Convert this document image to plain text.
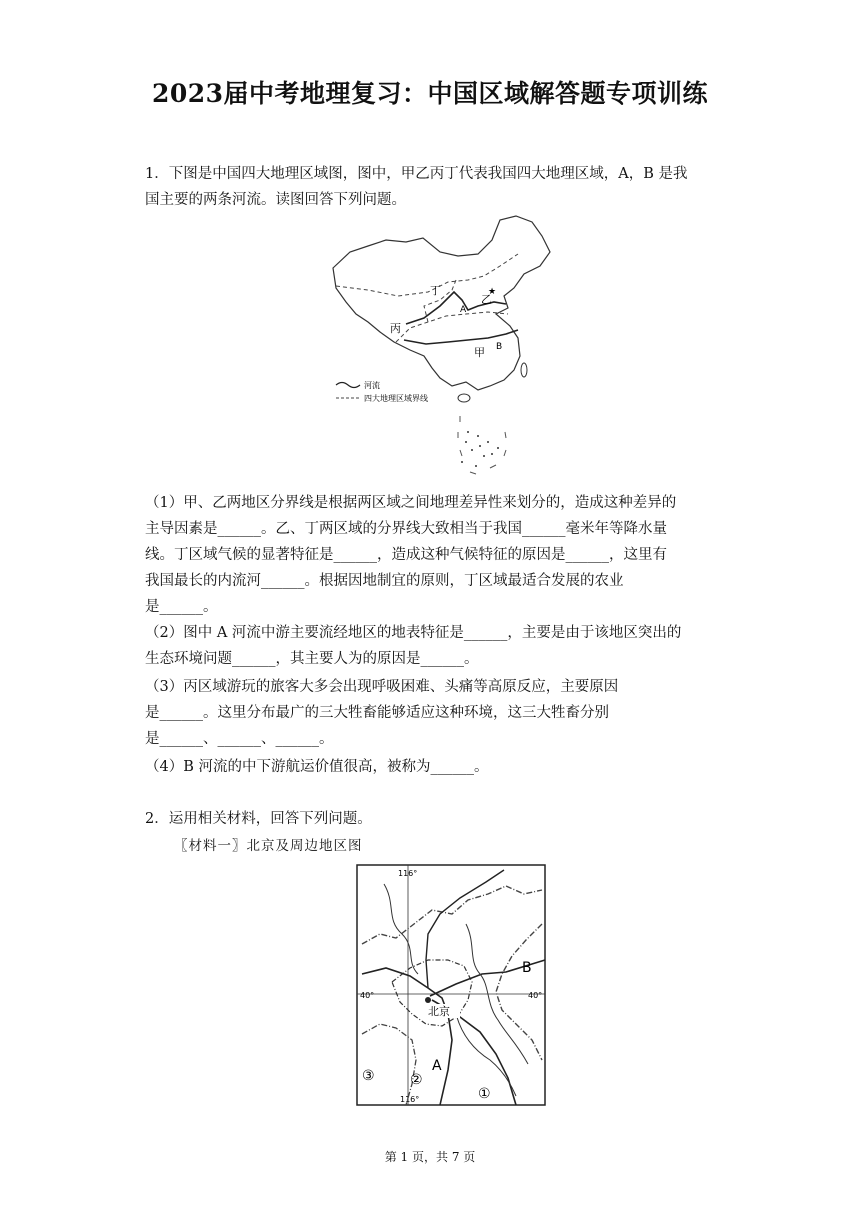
2023届中考地理复习：中国区域解答题专项训练
1．下图是中国四大地理区域图，图中，甲乙丙丁代表我国四大地理区域，A，B 是我
国主要的两条河流。读图回答下列问题。
丁
乙
★
A
丙
甲 B
河流
四大地理区域界线
（1）甲、乙两地区分界线是根据两区域之间地理差异性来划分的，造成这种差异的
主导因素是______。乙、丁两区域的分界线大致相当于我国______毫米年等降水量
线。丁区域气候的显著特征是______，造成这种气候特征的原因是______，这里有
我国最长的内流河______。根据因地制宜的原则，丁区域最适合发展的农业
是______。
（2）图中 A 河流中游主要流经地区的地表特征是______，主要是由于该地区突出的
生态环境问题______，其主要人为的原因是______。
（3）丙区域游玩的旅客大多会出现呼吸困难、头痛等高原反应，主要原因
是______。这里分布最广的三大牲畜能够适应这种环境，这三大牲畜分别
是______、______、______。
（4）B 河流的中下游航运价值很高，被称为______。
2．运用相关材料，回答下列问题。
〖材料一〗北京及周边地区图
116°
116°
40°	40°
北京
B
A
③	②
①
第 1 页，共 7 页
